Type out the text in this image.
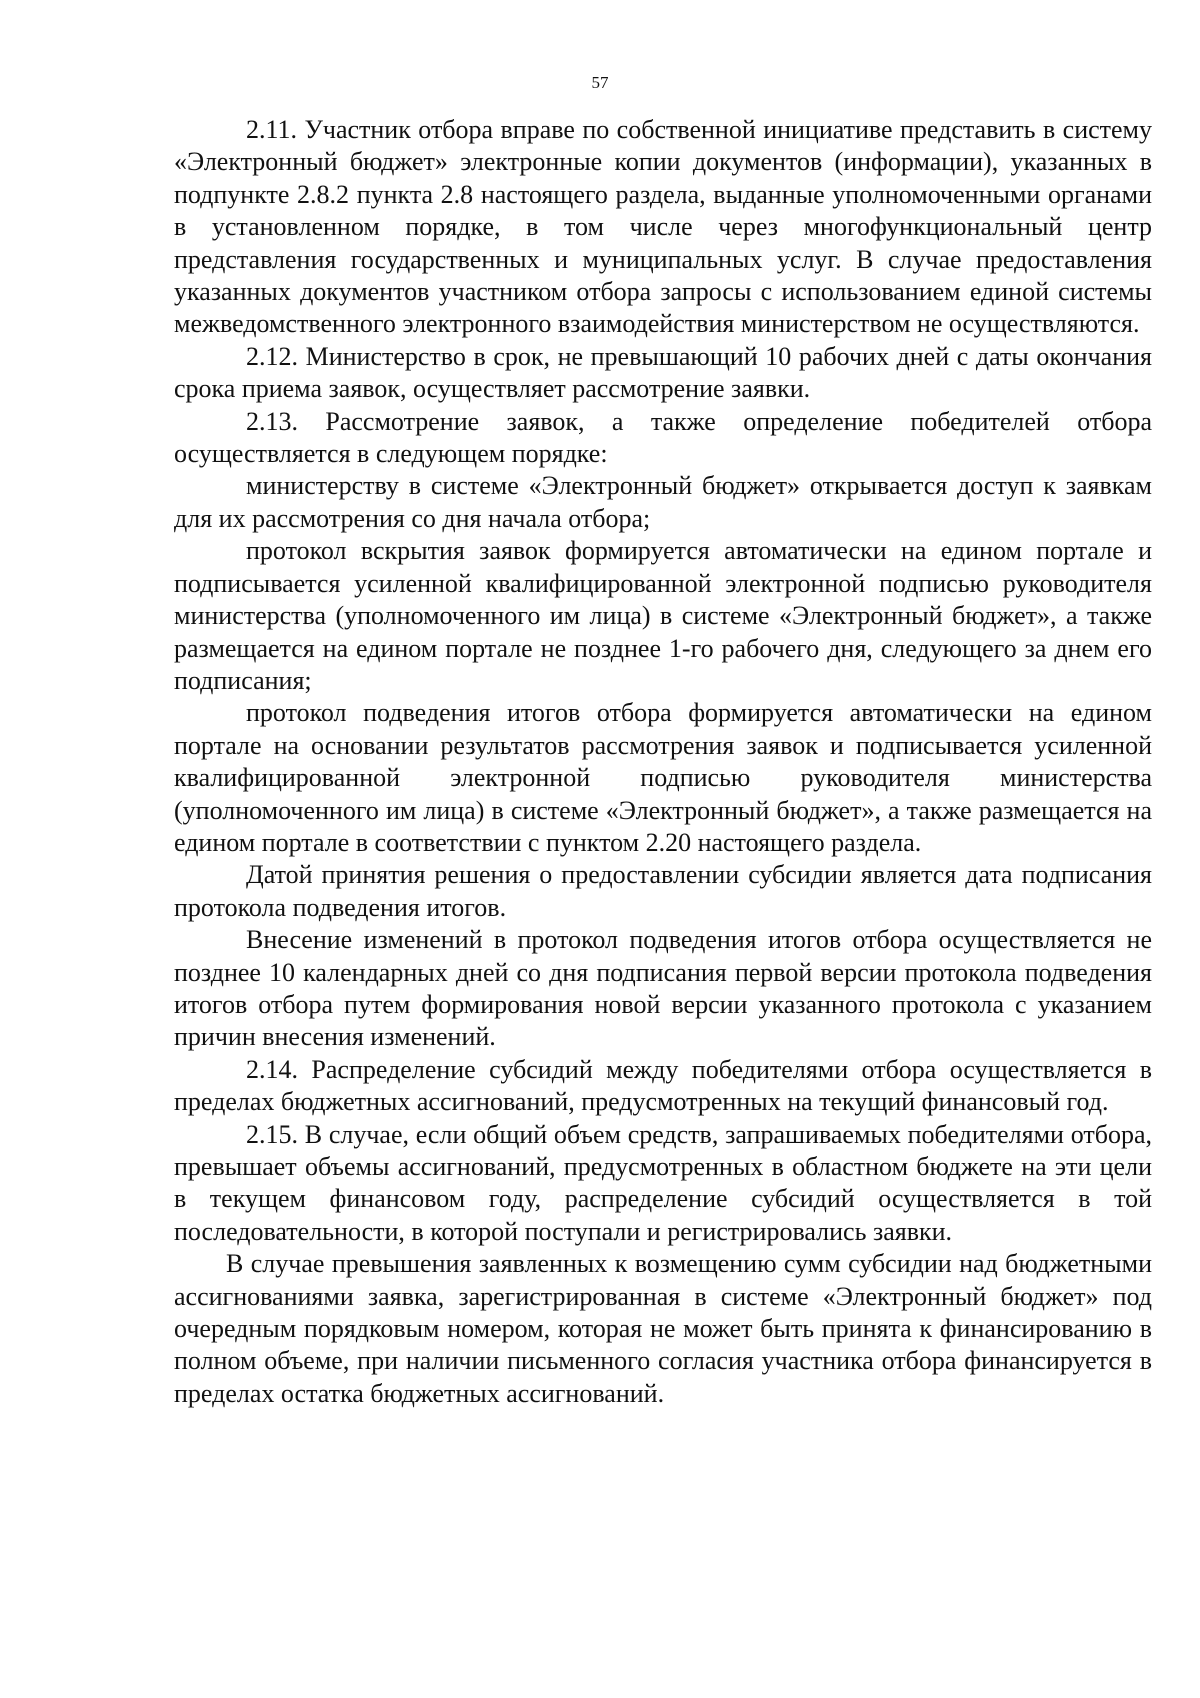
57

2.11. Участник отбора вправе по собственной инициативе представить в систему «Электронный бюджет» электронные копии документов (информации), указанных в подпункте 2.8.2 пункта 2.8 настоящего раздела, выданные уполномоченными органами в установленном порядке, в том числе через многофункциональный центр представления государственных и муниципальных услуг. В случае предоставления указанных документов участником отбора запросы с использованием единой системы межведомственного электронного взаимодействия министерством не осуществляются.

2.12. Министерство в срок, не превышающий 10 рабочих дней с даты окончания срока приема заявок, осуществляет рассмотрение заявки.

2.13. Рассмотрение заявок, а также определение победителей отбора осуществляется в следующем порядке:

министерству в системе «Электронный бюджет» открывается доступ к заявкам для их рассмотрения со дня начала отбора;

протокол вскрытия заявок формируется автоматически на едином портале и подписывается усиленной квалифицированной электронной подписью руководителя министерства (уполномоченного им лица) в системе «Электронный бюджет», а также размещается на едином портале не позднее 1-го рабочего дня, следующего за днем его подписания;

протокол подведения итогов отбора формируется автоматически на едином портале на основании результатов рассмотрения заявок и подписывается усиленной квалифицированной электронной подписью руководителя министерства (уполномоченного им лица) в системе «Электронный бюджет», а также размещается на едином портале в соответствии с пунктом 2.20 настоящего раздела.

Датой принятия решения о предоставлении субсидии является дата подписания протокола подведения итогов.

Внесение изменений в протокол подведения итогов отбора осуществляется не позднее 10 календарных дней со дня подписания первой версии протокола подведения итогов отбора путем формирования новой версии указанного протокола с указанием причин внесения изменений.

2.14. Распределение субсидий между победителями отбора осуществляется в пределах бюджетных ассигнований, предусмотренных на текущий финансовый год.

2.15. В случае, если общий объем средств, запрашиваемых победителями отбора, превышает объемы ассигнований, предусмотренных в областном бюджете на эти цели в текущем финансовом году, распределение субсидий осуществляется в той последовательности, в которой поступали и регистрировались заявки.

В случае превышения заявленных к возмещению сумм субсидии над бюджетными ассигнованиями заявка, зарегистрированная в системе «Электронный бюджет» под очередным порядковым номером, которая не может быть принята к финансированию в полном объеме, при наличии письменного согласия участника отбора финансируется в пределах остатка бюджетных ассигнований.
